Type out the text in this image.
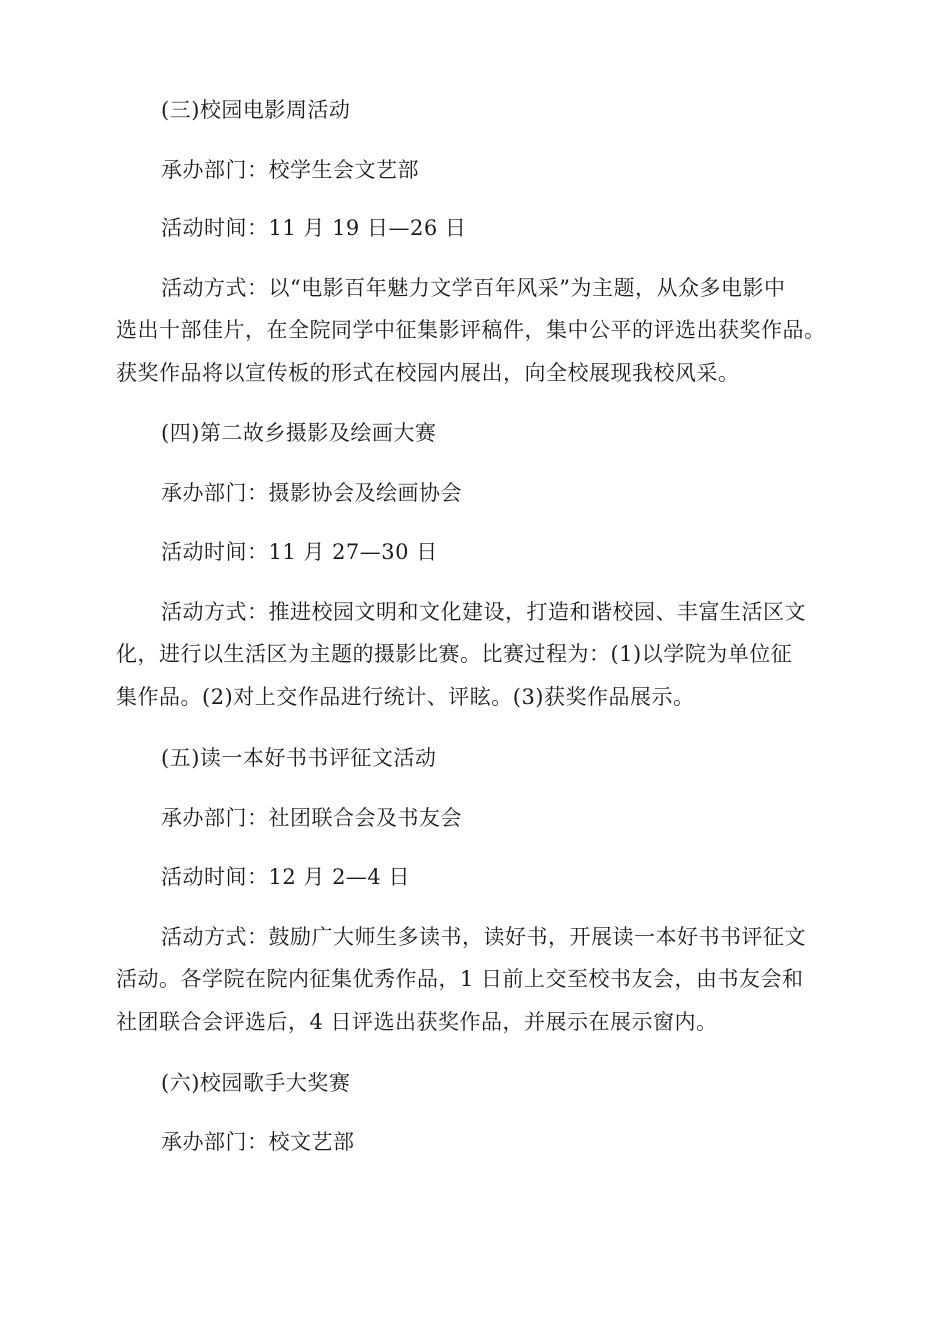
(三)校园电影周活动
承办部门：校学生会文艺部
活动时间：11 月 19 日—26 日
活动方式：以“电影百年魅力文学百年风采”为主题，从众多电影中
选出十部佳片，在全院同学中征集影评稿件，集中公平的评选出获奖作品。
获奖作品将以宣传板的形式在校园内展出，向全校展现我校风采。
(四)第二故乡摄影及绘画大赛
承办部门：摄影协会及绘画协会
活动时间：11 月 27—30 日
活动方式：推进校园文明和文化建设，打造和谐校园、丰富生活区文
化，进行以生活区为主题的摄影比赛。比赛过程为：(1)以学院为单位征
集作品。(2)对上交作品进行统计、评眩。(3)获奖作品展示。
(五)读一本好书书评征文活动
承办部门：社团联合会及书友会
活动时间：12 月 2—4 日
活动方式：鼓励广大师生多读书，读好书，开展读一本好书书评征文
活动。各学院在院内征集优秀作品，1 日前上交至校书友会，由书友会和
社团联合会评选后，4 日评选出获奖作品，并展示在展示窗内。
(六)校园歌手大奖赛
承办部门：校文艺部
